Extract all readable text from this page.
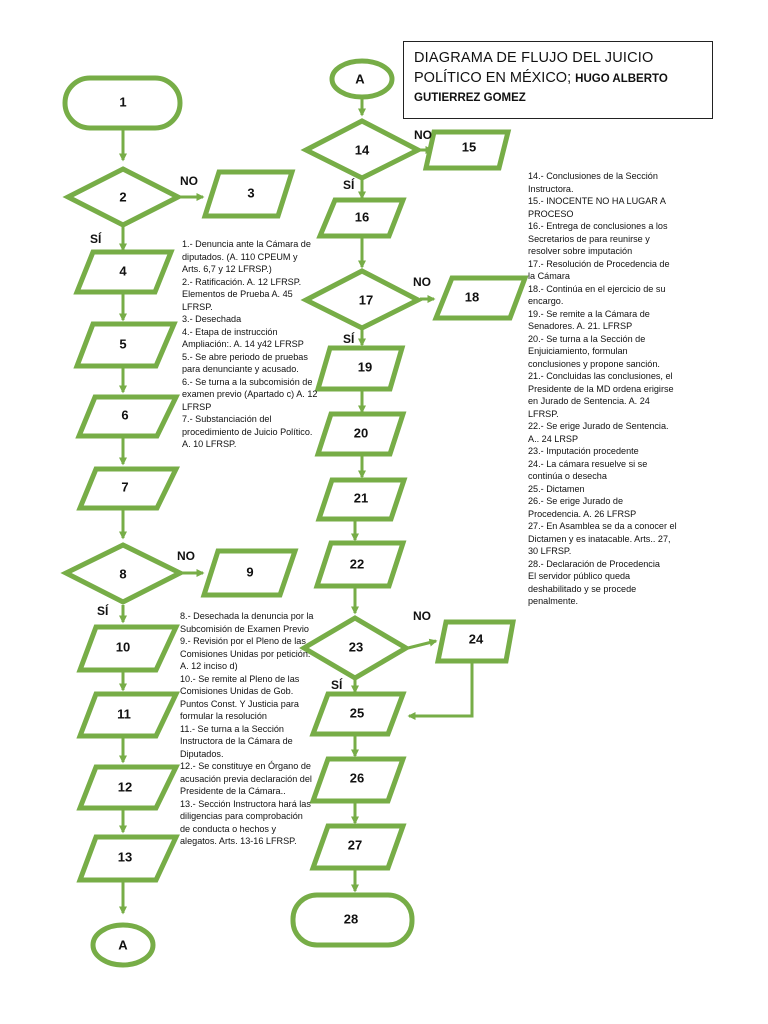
1
2	3
4
5
6
7
8	9
10
11
12
13
A
A
14	15
16
17	18
19
20
21
22
23
24
25
26
27
28
NO
SÍ
NO
SÍ
NO
SÍ
NO
SÍ
NO
SÍ
DIAGRAMA DE FLUJO DEL JUICIO
POLÍTICO EN MÉXICO; HUGO ALBERTO
GUTIERREZ GOMEZ

1.- Denuncia ante la Cámara de diputados. (A. 110 CPEUM y Arts. 6,7 y 12 LFRSP.)

2.- Ratificación. A. 12 LFRSP. Elementos de Prueba A. 45 LFRSP.

3.- Desechada

4.- Etapa de instrucción Ampliación:. A. 14 y42 LFRSP

5.- Se abre periodo de pruebas para denunciante y acusado.

6.- Se turna a la subcomisión de examen previo (Apartado c) A. 12 LFRSP

7.- Substanciación del procedimiento de Juicio Político. A. 10 LFRSP.

8.- Desechada la denuncia por la Subcomisión de Examen Previo

9.- Revisión por el Pleno de las Comisiones Unidas por petición. A. 12 inciso d)

10.- Se remite al Pleno de las Comisiones Unidas de Gob. Puntos Const. Y Justicia para formular la resolución

11.- Se turna a la Sección Instructora de la Cámara de Diputados.

12.- Se constituye en Órgano de acusación previa declaración del Presidente de la Cámara..

13.- Sección Instructora hará las diligencias para comprobación de conducta o hechos y alegatos. Arts. 13-16 LFRSP.

14.- Conclusiones de la Sección Instructora.

15.- INOCENTE NO HA LUGAR A PROCESO

16.- Entrega de conclusiones a los Secretarios de para reunirse y resolver sobre imputación

17.- Resolución de Procedencia de la Cámara

18.- Continúa en el ejercicio de su encargo.

19.- Se remite a la Cámara de Senadores. A. 21. LFRSP

20.- Se turna a la Sección de Enjuiciamiento, formulan conclusiones y propone sanción.

21.- Concluidas las conclusiones, el Presidente de la MD ordena erigirse en Jurado de Sentencia. A. 24 LFRSP.

22.- Se erige Jurado de Sentencia. A.. 24 LRSP

23.- Imputación procedente

24.- La cámara resuelve si se continúa o desecha

25.- Dictamen

26.- Se erige Jurado de Procedencia. A. 26 LFRSP

27.- En Asamblea se da a conocer el Dictamen y es inatacable. Arts.. 27, 30 LFRSP.

28.- Declaración de Procedencia

El servidor público queda deshabilitado y se procede penalmente.
